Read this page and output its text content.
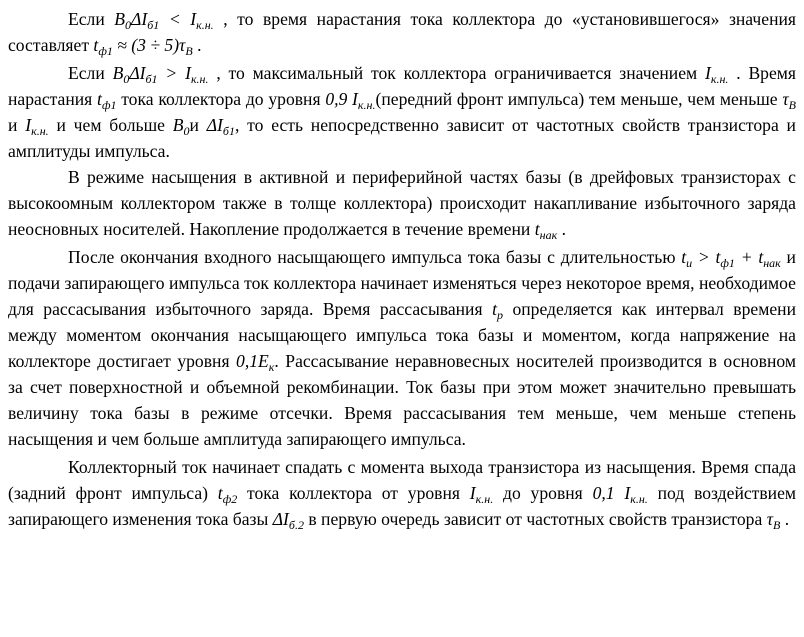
Если $B_0\Delta I_{б1} < I_{к.н.}$ , то время нарастания тока коллектора до «установившегося» значения составляет $t_{ф1} \approx (3 \div 5)\tau_B$ .

Если $B_0\Delta I_{б1} > I_{к.н.}$ , то максимальный ток коллектора ограничивается значением $I_{к.н.}$ . Время нарастания $t_{ф1}$ тока коллектора до уровня 0,9 $I_{к.н.}(передний$ фронт импульса) тем меньше, чем меньше $\tau_B$ и $I_{к.н.}$ и чем больше $B_0и$ $\Delta I_{б1}$, то есть непосредственно зависит от частотных свойств транзистора и амплитуды импульса.

В режиме насыщения в активной и периферийной частях базы (в дрейфовых транзисторах с высокоомным коллектором также в толще коллектора) происходит накапливание избыточного заряда неосновных носителей. Накопление продолжается в течение времени $t_{нак}$ .

После окончания входного насыщающего импульса тока базы с длительностью $t_и > t_{ф1} + t_{нак}$ и подачи запирающего импульса ток коллектора начинает изменяться через некоторое время, необходимое для рассасывания избыточного заряда. Время рассасывания $t_р$ определяется как интервал времени между моментом окончания насыщающего импульса тока базы и моментом, когда напряжение на коллекторе достигает уровня $0,1E_к$. Рассасывание неравновесных носителей производится в основном за счет поверхностной и объемной рекомбинации. Ток базы при этом может значительно превышать величину тока базы в режиме отсечки. Время рассасывания тем меньше, чем меньше степень насыщения и чем больше амплитуда запирающего импульса.

Коллекторный ток начинает спадать с момента выхода транзистора из насыщения. Время спада (задний фронт импульса) $t_{ф2}$ тока коллектора от уровня $I_{к.н.}$ до уровня 0,1 $I_{к.н.}$ под воздействием запирающего изменения тока базы $\Delta I_{б.2}$ в первую очередь зависит от частотных свойств транзистора $\tau_B$ .
